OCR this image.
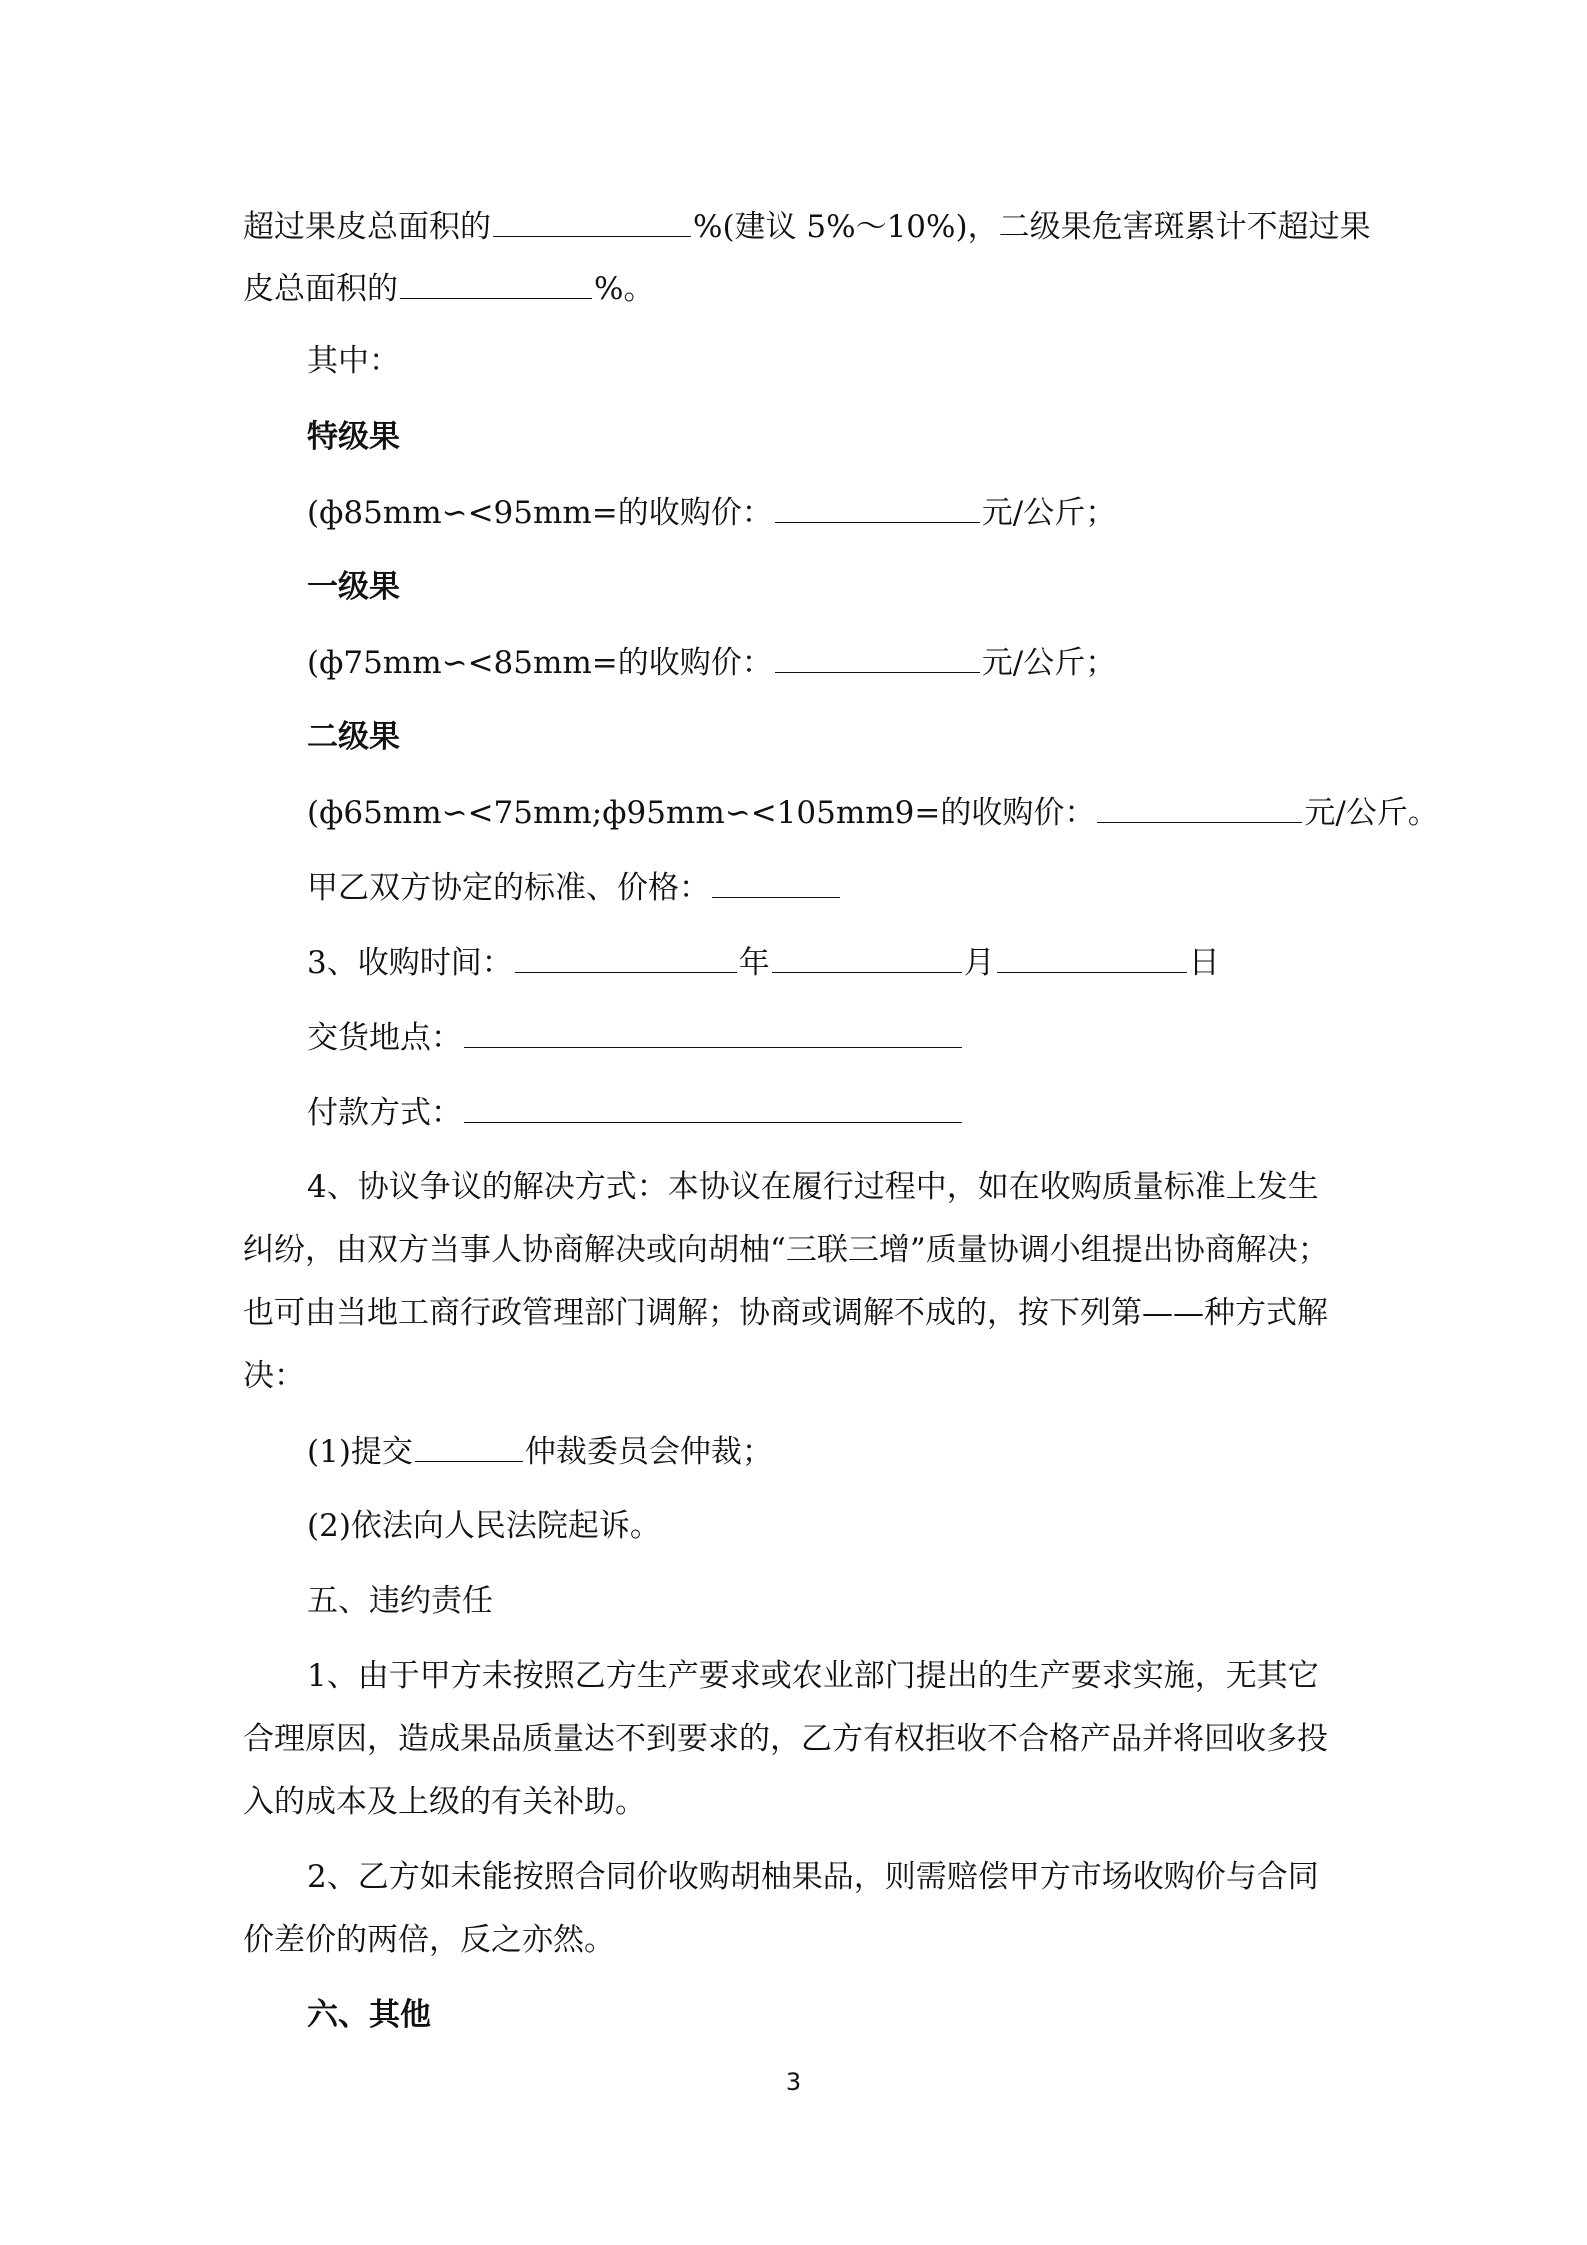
超过果皮总面积的	%(建议 5%～10%)，二级果危害斑累计不超过果
皮总面积的	%。
其中：
特级果
(ф85mm∽<95mm=的收购价：	元/公斤；
一级果
(ф75mm∽<85mm=的收购价：	元/公斤；
二级果
(ф65mm∽<75mm;ф95mm∽<105mm9=的收购价：	元/公斤。
甲乙双方协定的标准、价格：
3、收购时间：	年	月	日
交货地点：
付款方式：
4、协议争议的解决方式：本协议在履行过程中，如在收购质量标准上发生
纠纷，由双方当事人协商解决或向胡柚“三联三增”质量协调小组提出协商解决；
也可由当地工商行政管理部门调解；协商或调解不成的，按下列第——种方式解
决：
(1)提交	仲裁委员会仲裁；
(2)依法向人民法院起诉。
五、违约责任
1、由于甲方未按照乙方生产要求或农业部门提出的生产要求实施，无其它
合理原因，造成果品质量达不到要求的，乙方有权拒收不合格产品并将回收多投
入的成本及上级的有关补助。
2、乙方如未能按照合同价收购胡柚果品，则需赔偿甲方市场收购价与合同
价差价的两倍，反之亦然。
六、其他
3
